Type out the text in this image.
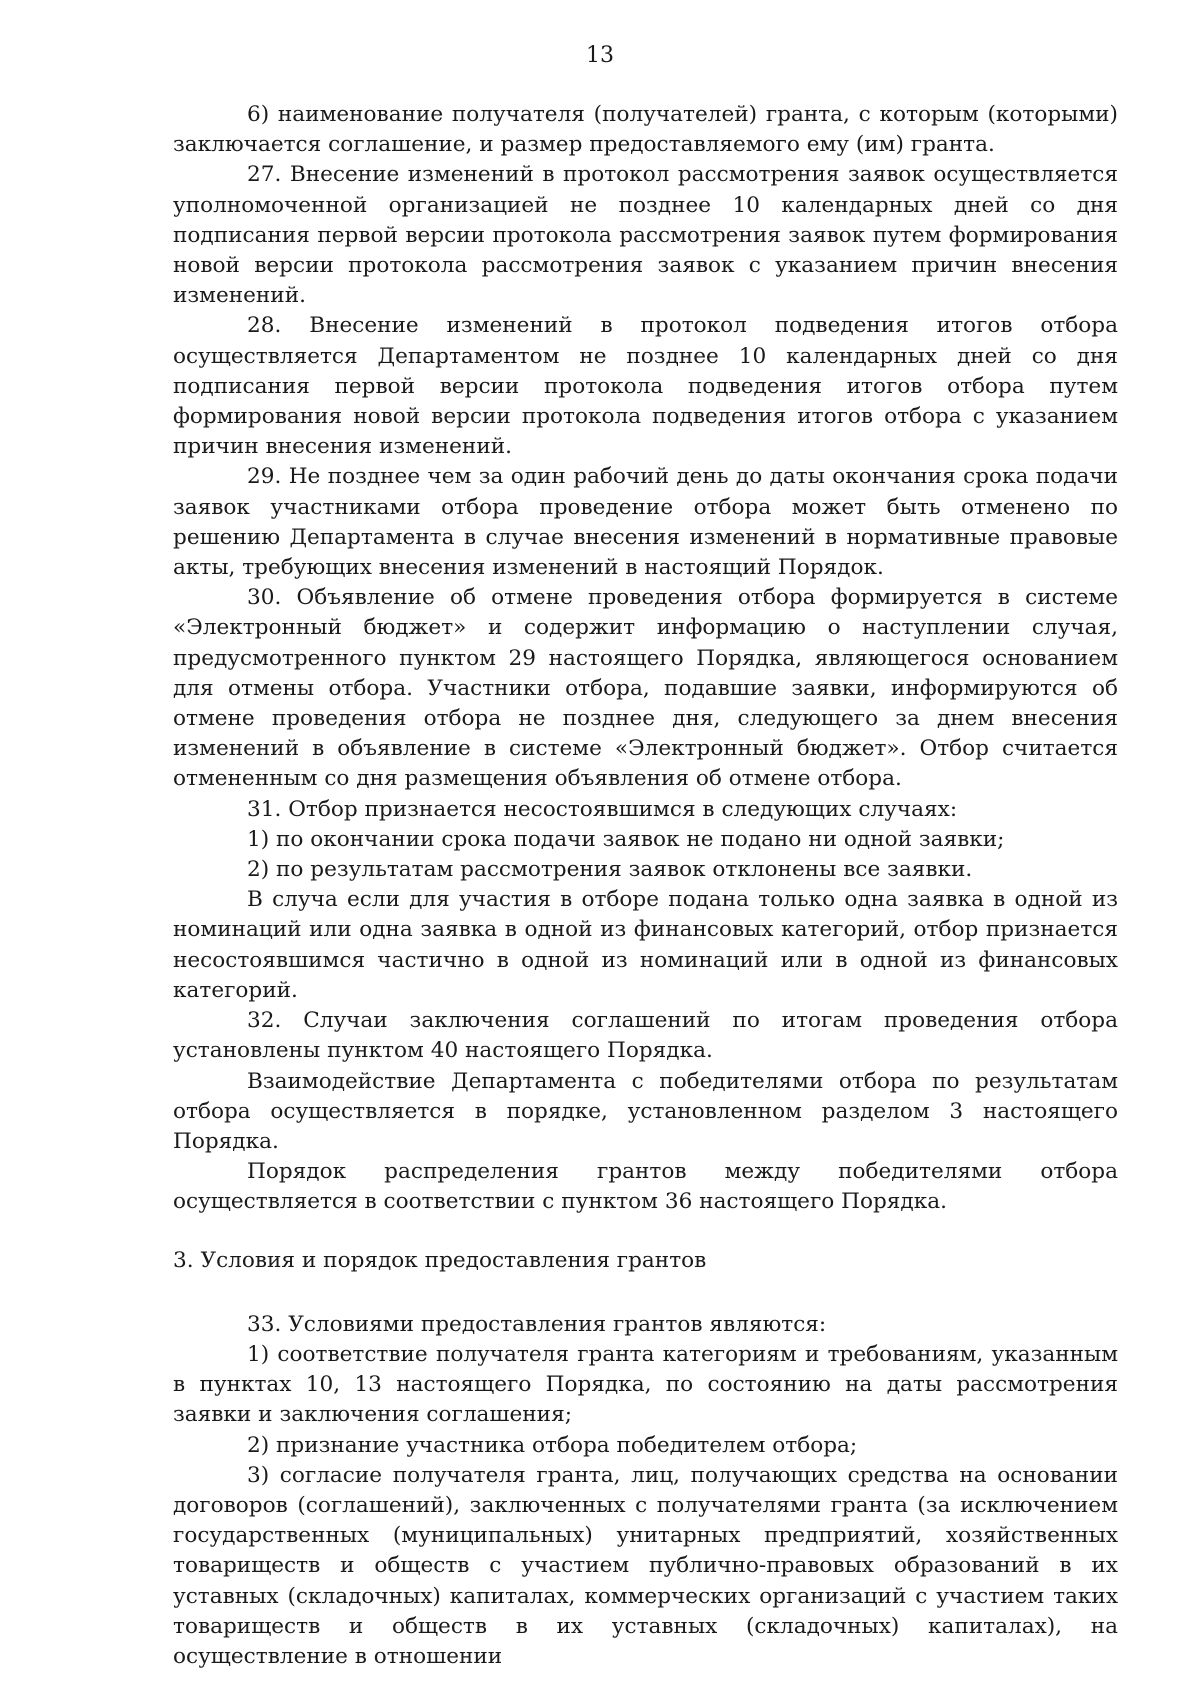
13

6) наименование получателя (получателей) гранта, с которым (которыми) заключается соглашение, и размер предоставляемого ему (им) гранта.

27. Внесение изменений в протокол рассмотрения заявок осуществляется уполномоченной организацией не позднее 10 календарных дней со дня подписания первой версии протокола рассмотрения заявок путем формирования новой версии протокола рассмотрения заявок с указанием причин внесения изменений.

28. Внесение изменений в протокол подведения итогов отбора осуществляется Департаментом не позднее 10 календарных дней со дня подписания первой версии протокола подведения итогов отбора путем формирования новой версии протокола подведения итогов отбора с указанием причин внесения изменений.

29. Не позднее чем за один рабочий день до даты окончания срока подачи заявок участниками отбора проведение отбора может быть отменено по решению Департамента в случае внесения изменений в нормативные правовые акты, требующих внесения изменений в настоящий Порядок.

30. Объявление об отмене проведения отбора формируется в системе «Электронный бюджет» и содержит информацию о наступлении случая, предусмотренного пунктом 29 настоящего Порядка, являющегося основанием для отмены отбора. Участники отбора, подавшие заявки, информируются об отмене проведения отбора не позднее дня, следующего за днем внесения изменений в объявление в системе «Электронный бюджет». Отбор считается отмененным со дня размещения объявления об отмене отбора.

31. Отбор признается несостоявшимся в следующих случаях:

1) по окончании срока подачи заявок не подано ни одной заявки;

2) по результатам рассмотрения заявок отклонены все заявки.

В случа если для участия в отборе подана только одна заявка в одной из номинаций или одна заявка в одной из финансовых категорий, отбор признается несостоявшимся частично в одной из номинаций или в одной из финансовых категорий.

32. Случаи заключения соглашений по итогам проведения отбора установлены пунктом 40 настоящего Порядка.

Взаимодействие Департамента с победителями отбора по результатам отбора осуществляется в порядке, установленном разделом 3 настоящего Порядка.

Порядок распределения грантов между победителями отбора осуществляется в соответствии с пунктом 36 настоящего Порядка.

3. Условия и порядок предоставления грантов

33. Условиями предоставления грантов являются:

1) соответствие получателя гранта категориям и требованиям, указанным в пунктах 10, 13 настоящего Порядка, по состоянию на даты рассмотрения заявки и заключения соглашения;

2) признание участника отбора победителем отбора;

3) согласие получателя гранта, лиц, получающих средства на основании договоров (соглашений), заключенных с получателями гранта (за исключением государственных (муниципальных) унитарных предприятий, хозяйственных товариществ и обществ с участием публично-правовых образований в их уставных (складочных) капиталах, коммерческих организаций с участием таких товариществ и обществ в их уставных (складочных) капиталах), на осуществление в отношении
